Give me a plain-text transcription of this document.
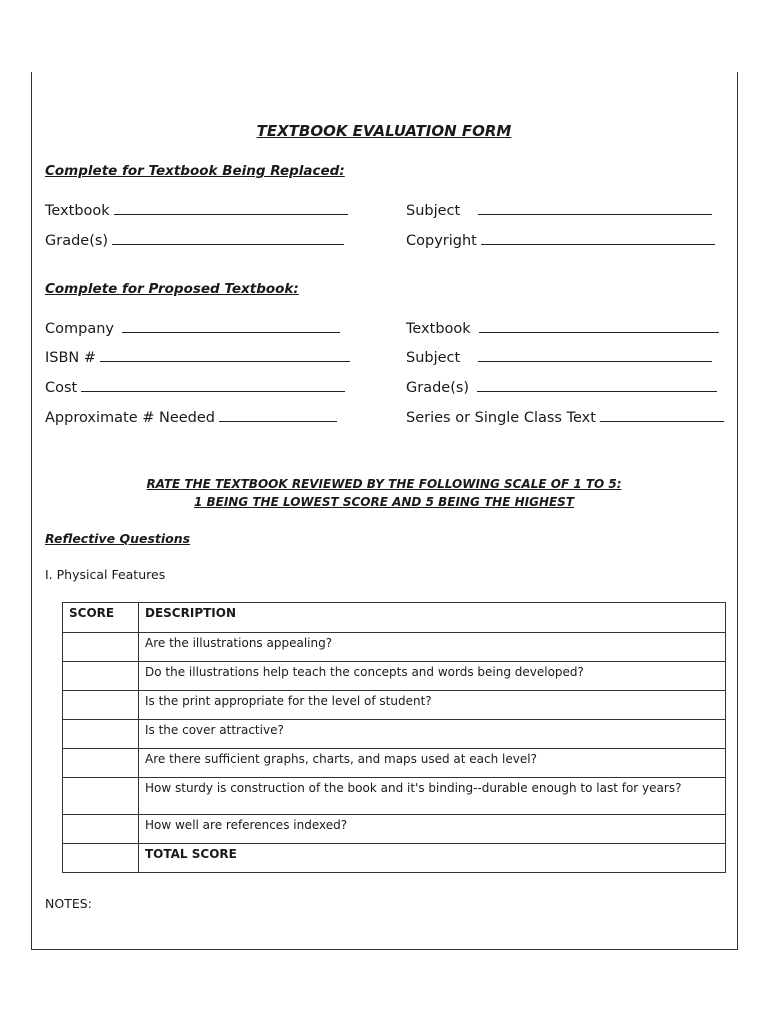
TEXTBOOK EVALUATION FORM
Complete for Textbook Being Replaced:
Textbook	Subject
Grade(s)	Copyright
Complete for Proposed Textbook:
Company	Textbook
ISBN #	Subject
Cost	Grade(s)
Approximate # Needed	Series or Single Class Text
RATE THE TEXTBOOK REVIEWED BY THE FOLLOWING SCALE OF 1 TO 5:
1 BEING THE LOWEST SCORE AND 5 BEING THE HIGHEST
Reflective Questions
I. Physical Features
SCORE	DESCRIPTION
	Are the illustrations appealing?
	Do the illustrations help teach the concepts and words being developed?
	Is the print appropriate for the level of student?
	Is the cover attractive?
	Are there sufficient graphs, charts, and maps used at each level?
	How sturdy is construction of the book and it's binding--durable enough to last for years?
	How well are references indexed?
	TOTAL SCORE
NOTES:
